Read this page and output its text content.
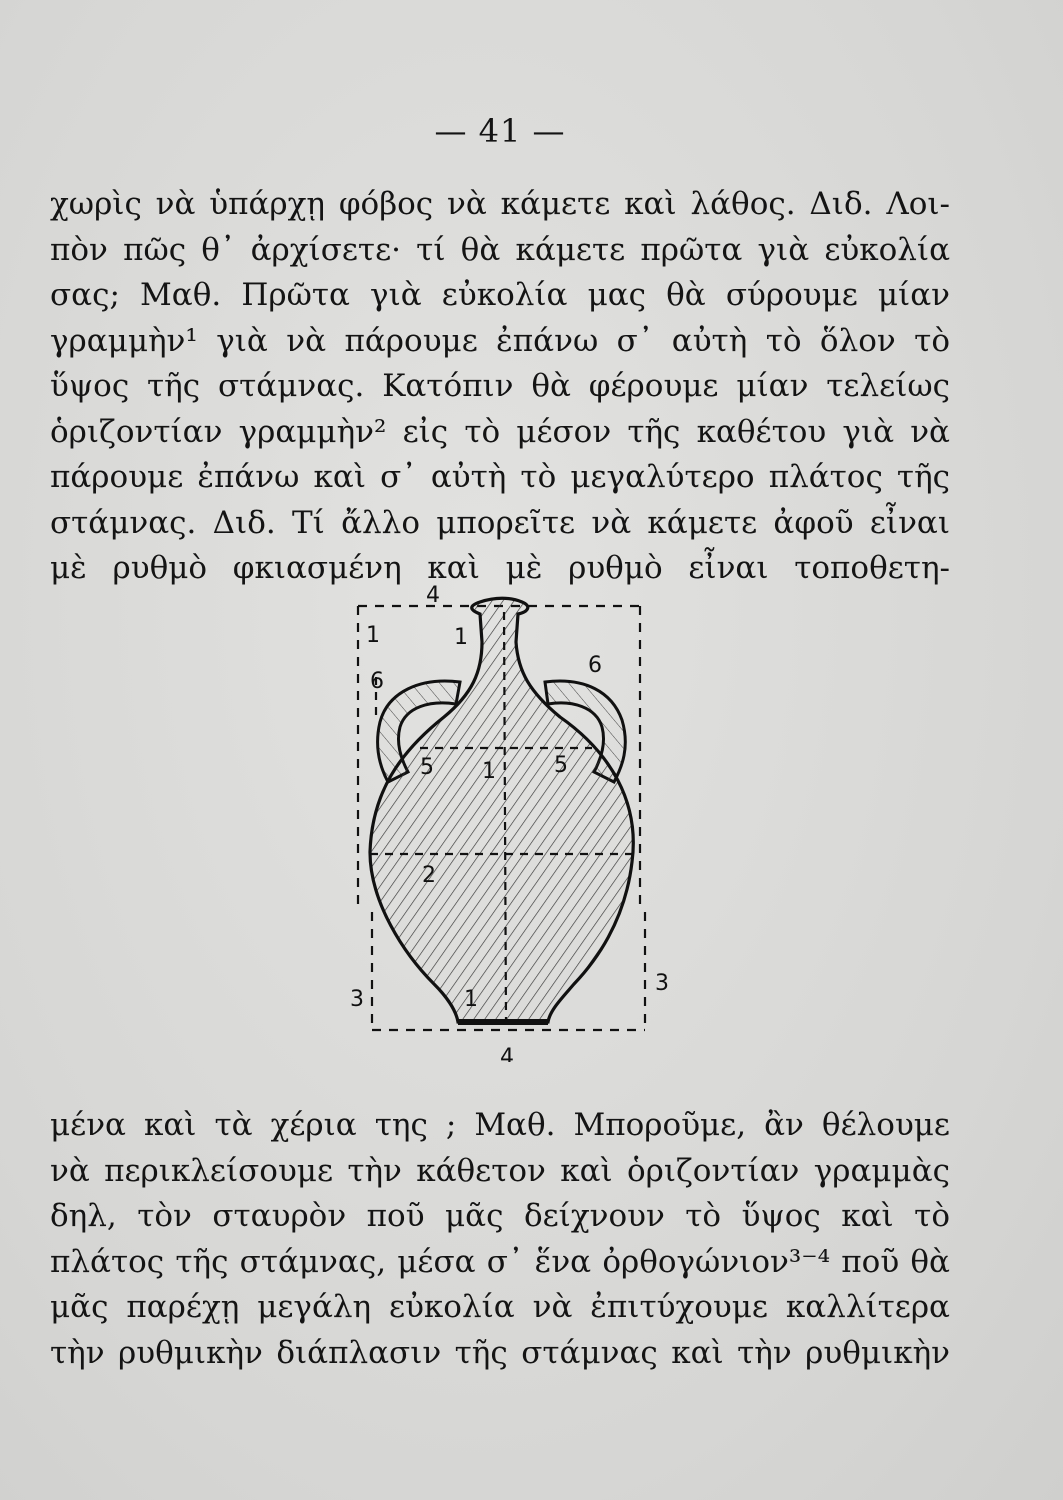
— 41 —
χωρὶς νὰ ὑπάρχῃ φόβος νὰ κάμετε καὶ λάθος. Διδ. Λοι-
πὸν πῶς θ᾽ ἀρχίσετε· τί θὰ κάμετε πρῶτα γιὰ εὐκολία
σας; Μαθ. Πρῶτα γιὰ εὐκολία μας θὰ σύρουμε μίαν
γραμμὴν¹ γιὰ νὰ πάρουμε ἐπάνω σ᾽ αὐτὴ τὸ ὅλον τὸ
ὕψος τῆς στάμνας. Κατόπιν θὰ φέρουμε μίαν τελείως
ὁριζοντίαν γραμμὴν² εἰς τὸ μέσον τῆς καθέτου γιὰ νὰ
πάρουμε ἐπάνω καὶ σ᾽ αὐτὴ τὸ μεγαλύτερο πλάτος τῆς
στάμνας. Διδ. Τί ἄλλο μπορεῖτε νὰ κάμετε ἀφοῦ εἶναι
μὲ ρυθμὸ φκιασμένη καὶ μὲ ρυθμὸ εἶναι τοποθετη-
4
4
6
6
1
1
5	5
2
1
3
3
1
μένα καὶ τὰ χέρια της ; Μαθ. Μποροῦμε, ἂν θέλουμε
νὰ περικλείσουμε τὴν κάθετον καὶ ὁριζοντίαν γραμμὰς
δηλ, τὸν σταυρὸν ποῦ μᾶς δείχνουν τὸ ὕψος καὶ τὸ
πλάτος τῆς στάμνας, μέσα σ᾽ ἕνα ὀρθογώνιον³⁻⁴ ποῦ θὰ
μᾶς παρέχῃ μεγάλη εὐκολία νὰ ἐπιτύχουμε καλλίτερα
τὴν ρυθμικὴν διάπλασιν τῆς στάμνας καὶ τὴν ρυθμικὴν
